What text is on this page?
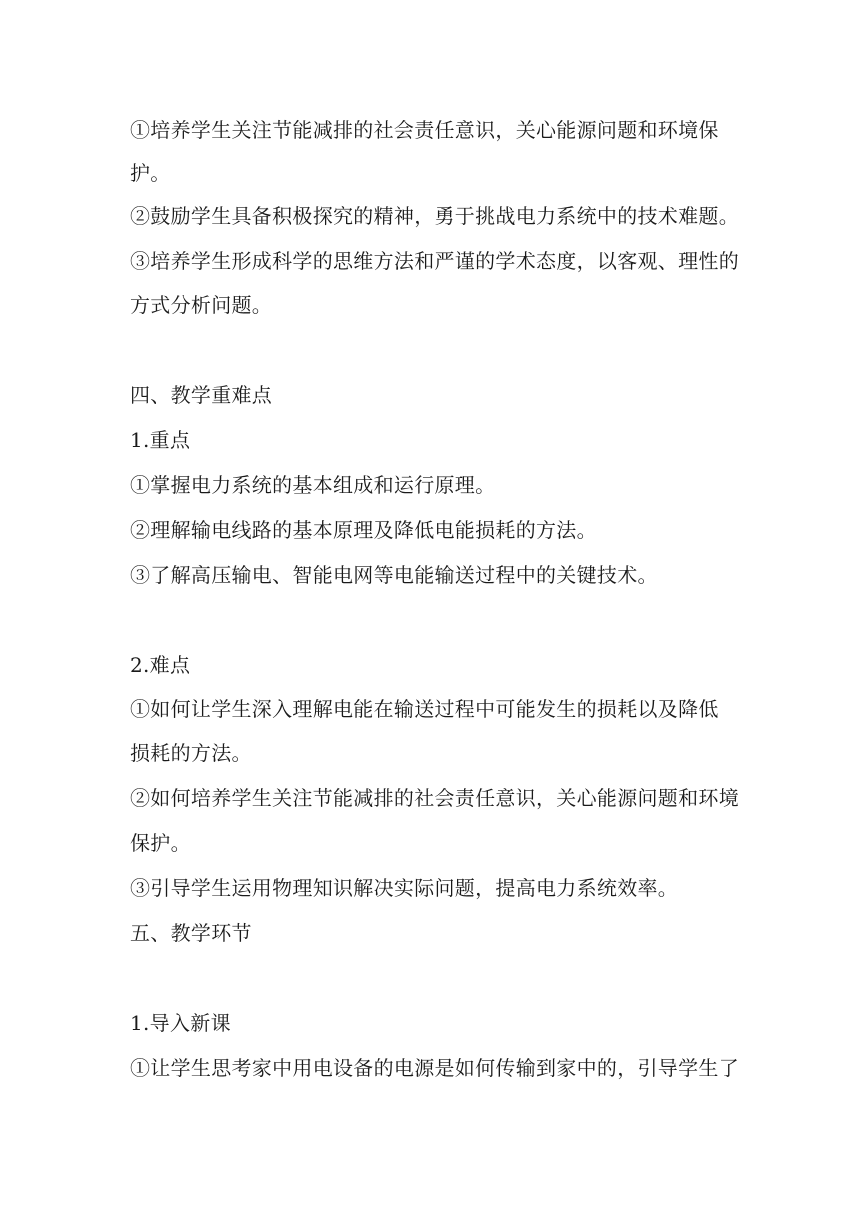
①培养学生关注节能减排的社会责任意识，关心能源问题和环境保
护。
②鼓励学生具备积极探究的精神，勇于挑战电力系统中的技术难题。
③培养学生形成科学的思维方法和严谨的学术态度，以客观、理性的
方式分析问题。
四、教学重难点
1.重点
①掌握电力系统的基本组成和运行原理。
②理解输电线路的基本原理及降低电能损耗的方法。
③了解高压输电、智能电网等电能输送过程中的关键技术。
2.难点
①如何让学生深入理解电能在输送过程中可能发生的损耗以及降低
损耗的方法。
②如何培养学生关注节能减排的社会责任意识，关心能源问题和环境
保护。
③引导学生运用物理知识解决实际问题，提高电力系统效率。
五、教学环节
1.导入新课
①让学生思考家中用电设备的电源是如何传输到家中的，引导学生了
